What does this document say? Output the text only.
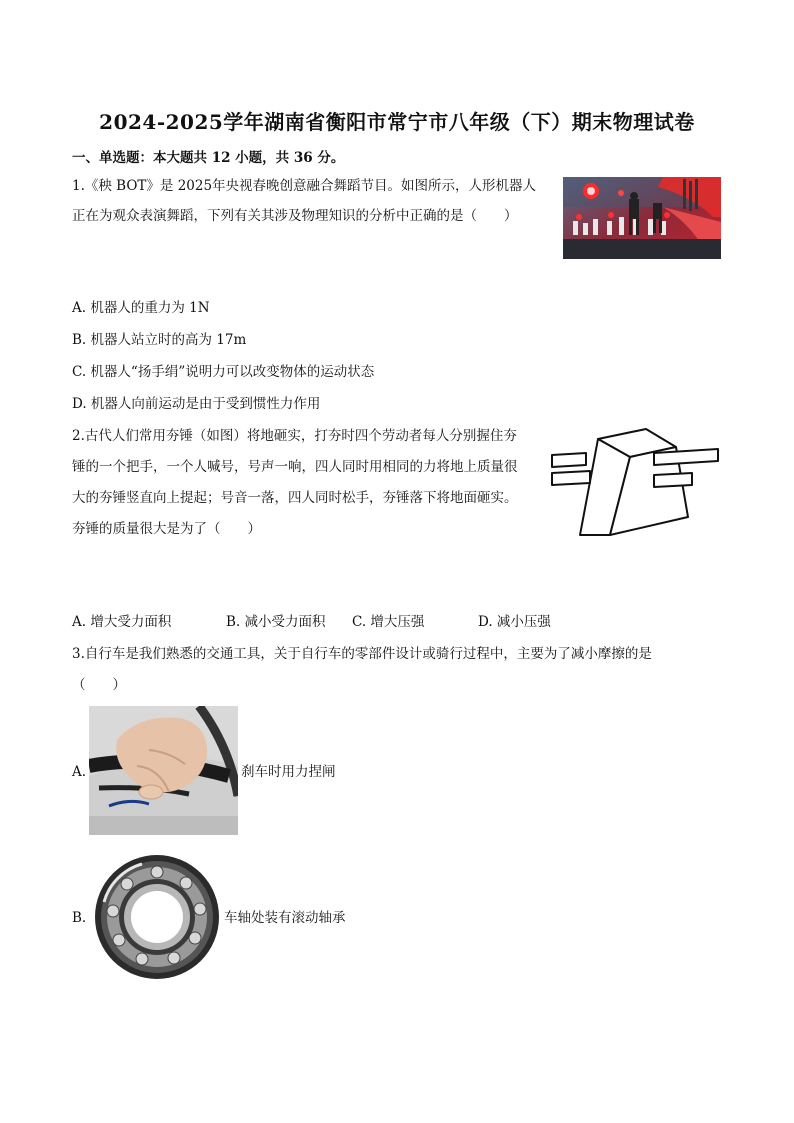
2024-2025学年湖南省衡阳市常宁市八年级（下）期末物理试卷
一、单选题：本大题共 12 小题，共 36 分。
1.《秧 BOT》是 2025年央视春晚创意融合舞蹈节目。如图所示，人形机器人
正在为观众表演舞蹈，下列有关其涉及物理知识的分析中正确的是（　　）
A. 机器人的重力为 1N
B. 机器人站立时的高为 17m
C. 机器人“扬手绢”说明力可以改变物体的运动状态
D. 机器人向前运动是由于受到惯性力作用
2.古代人们常用夯锤（如图）将地砸实，打夯时四个劳动者每人分别握住夯
锤的一个把手，一个人喊号，号声一响，四人同时用相同的力将地上质量很
大的夯锤竖直向上提起；号音一落，四人同时松手，夯锤落下将地面砸实。
夯锤的质量很大是为了（　　）
A. 增大受力面积	B. 减小受力面积 C. 增大压强	D. 减小压强
3.自行车是我们熟悉的交通工具，关于自行车的零部件设计或骑行过程中，主要为了减小摩擦的是
（　　）
A.	刹车时用力捏闸
B.	车轴处装有滚动轴承
